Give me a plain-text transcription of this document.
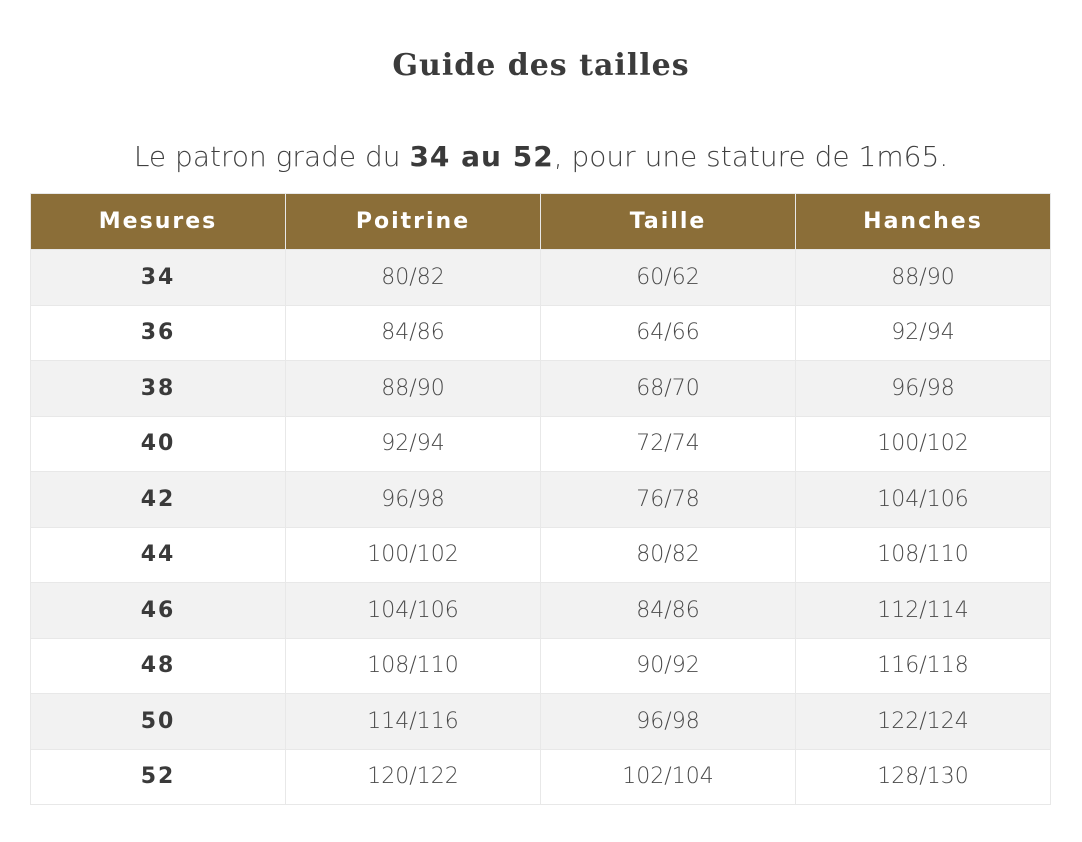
Guide des tailles

Le patron grade du 34 au 52, pour une stature de 1m65.

Mesures	Poitrine	Taille	Hanches
34	80/82	60/62	88/90
36	84/86	64/66	92/94
38	88/90	68/70	96/98
40	92/94	72/74	100/102
42	96/98	76/78	104/106
44	100/102	80/82	108/110
46	104/106	84/86	112/114
48	108/110	90/92	116/118
50	114/116	96/98	122/124
52	120/122	102/104	128/130
